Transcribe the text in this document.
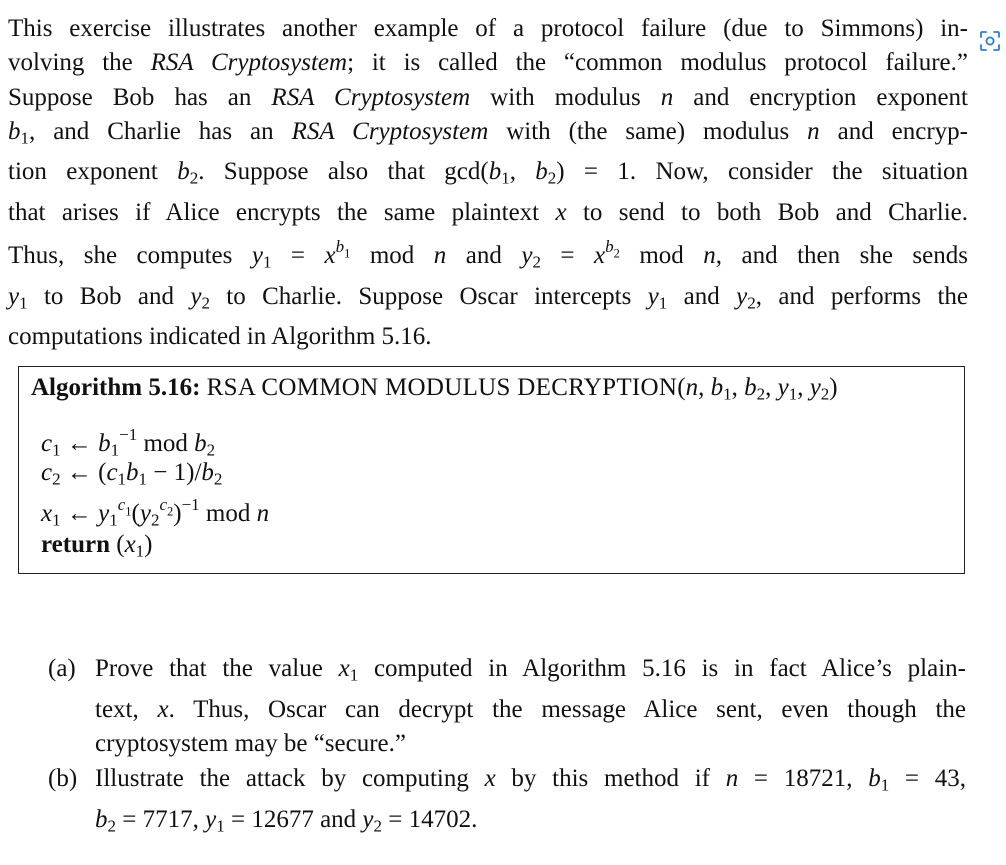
This exercise illustrates another example of a protocol failure (due to Simmons) in-
volving the RSA Cryptosystem; it is called the “common modulus protocol failure.”
Suppose Bob has an RSA Cryptosystem with modulus n and encryption exponent
$b_1$, and Charlie has an RSA Cryptosystem with (the same) modulus n and encryp-
tion exponent $b_2$. Suppose also that $\gcd(b_1$, $b_2) = 1$. Now, consider the situation
that arises if Alice encrypts the same plaintext x to send to both Bob and Charlie.
Thus, she computes $y_1 = x^{b1}$ mod n and $y_2 = x^{b2}$ mod n, and then she sends
$y_1$ to Bob and $y_2$ to Charlie. Suppose Oscar intercepts $y_1$ and $y_2$, and performs the
computations indicated in Algorithm 5.16.
Algorithm 5.16: RSA COMMON MODULUS DECRYPTION(n, $b_1$, $b_2$, $y_1$, $y_2$)
$c_1$ ← $b_1^{-1}$ mod $b_2$
$c_2$ ← $(c_1b_1 - 1)/b_2$
$x_1$ ← $y_1^{c1}(y_2^{c2})^{-1}$ mod n
return $(x_1)$
(a) Prove that the value $x_1$ computed in Algorithm 5.16 is in fact Alice’s plain-
text, x. Thus, Oscar can decrypt the message Alice sent, even though the
cryptosystem may be “secure.”
(b) Illustrate the attack by computing x by this method if n = 18721, $b_1 = 43$,
$b_2 = 7717$, $y_1 = 12677$ and $y_2 = 14702$.
